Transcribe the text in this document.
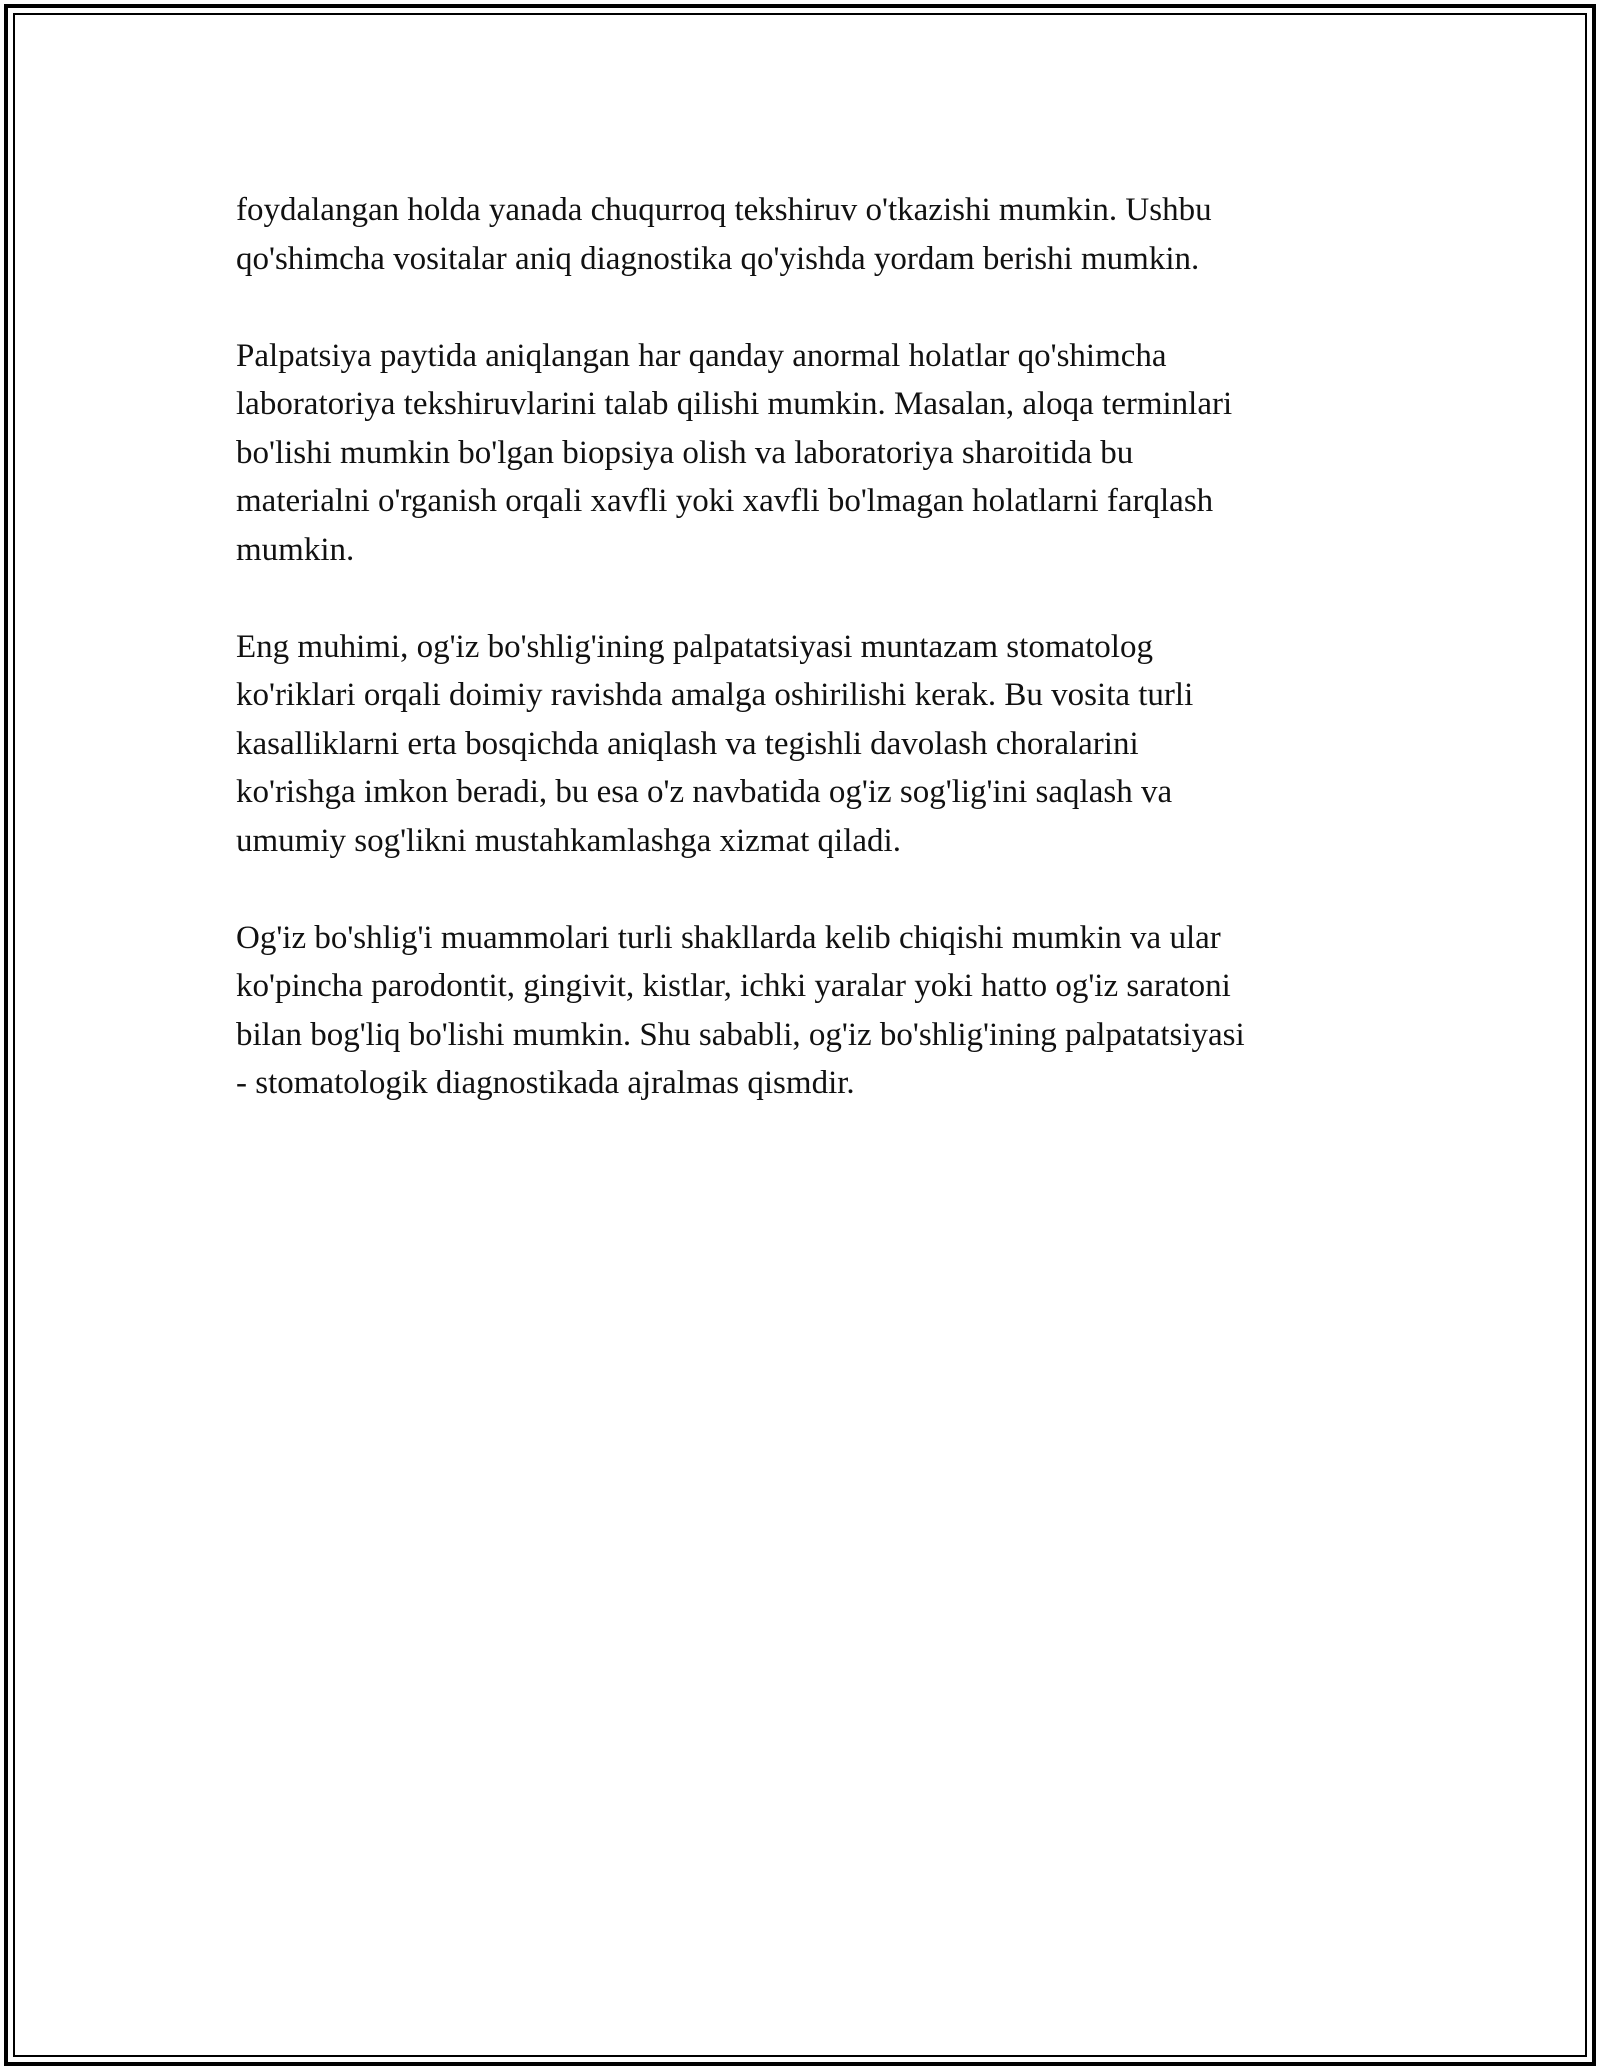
foydalangan holda yanada chuqurroq tekshiruv o'tkazishi mumkin. Ushbu
qo'shimcha vositalar aniq diagnostika qo'yishda yordam berishi mumkin.

Palpatsiya paytida aniqlangan har qanday anormal holatlar qo'shimcha
laboratoriya tekshiruvlarini talab qilishi mumkin. Masalan, aloqa terminlari
bo'lishi mumkin bo'lgan biopsiya olish va laboratoriya sharoitida bu
materialni o'rganish orqali xavfli yoki xavfli bo'lmagan holatlarni farqlash
mumkin.

Eng muhimi, og'iz bo'shlig'ining palpatatsiyasi muntazam stomatolog
ko'riklari orqali doimiy ravishda amalga oshirilishi kerak. Bu vosita turli
kasalliklarni erta bosqichda aniqlash va tegishli davolash choralarini
ko'rishga imkon beradi, bu esa o'z navbatida og'iz sog'lig'ini saqlash va
umumiy sog'likni mustahkamlashga xizmat qiladi.

Og'iz bo'shlig'i muammolari turli shakllarda kelib chiqishi mumkin va ular
ko'pincha parodontit, gingivit, kistlar, ichki yaralar yoki hatto og'iz saratoni
bilan bog'liq bo'lishi mumkin. Shu sababli, og'iz bo'shlig'ining palpatatsiyasi
- stomatologik diagnostikada ajralmas qismdir.
